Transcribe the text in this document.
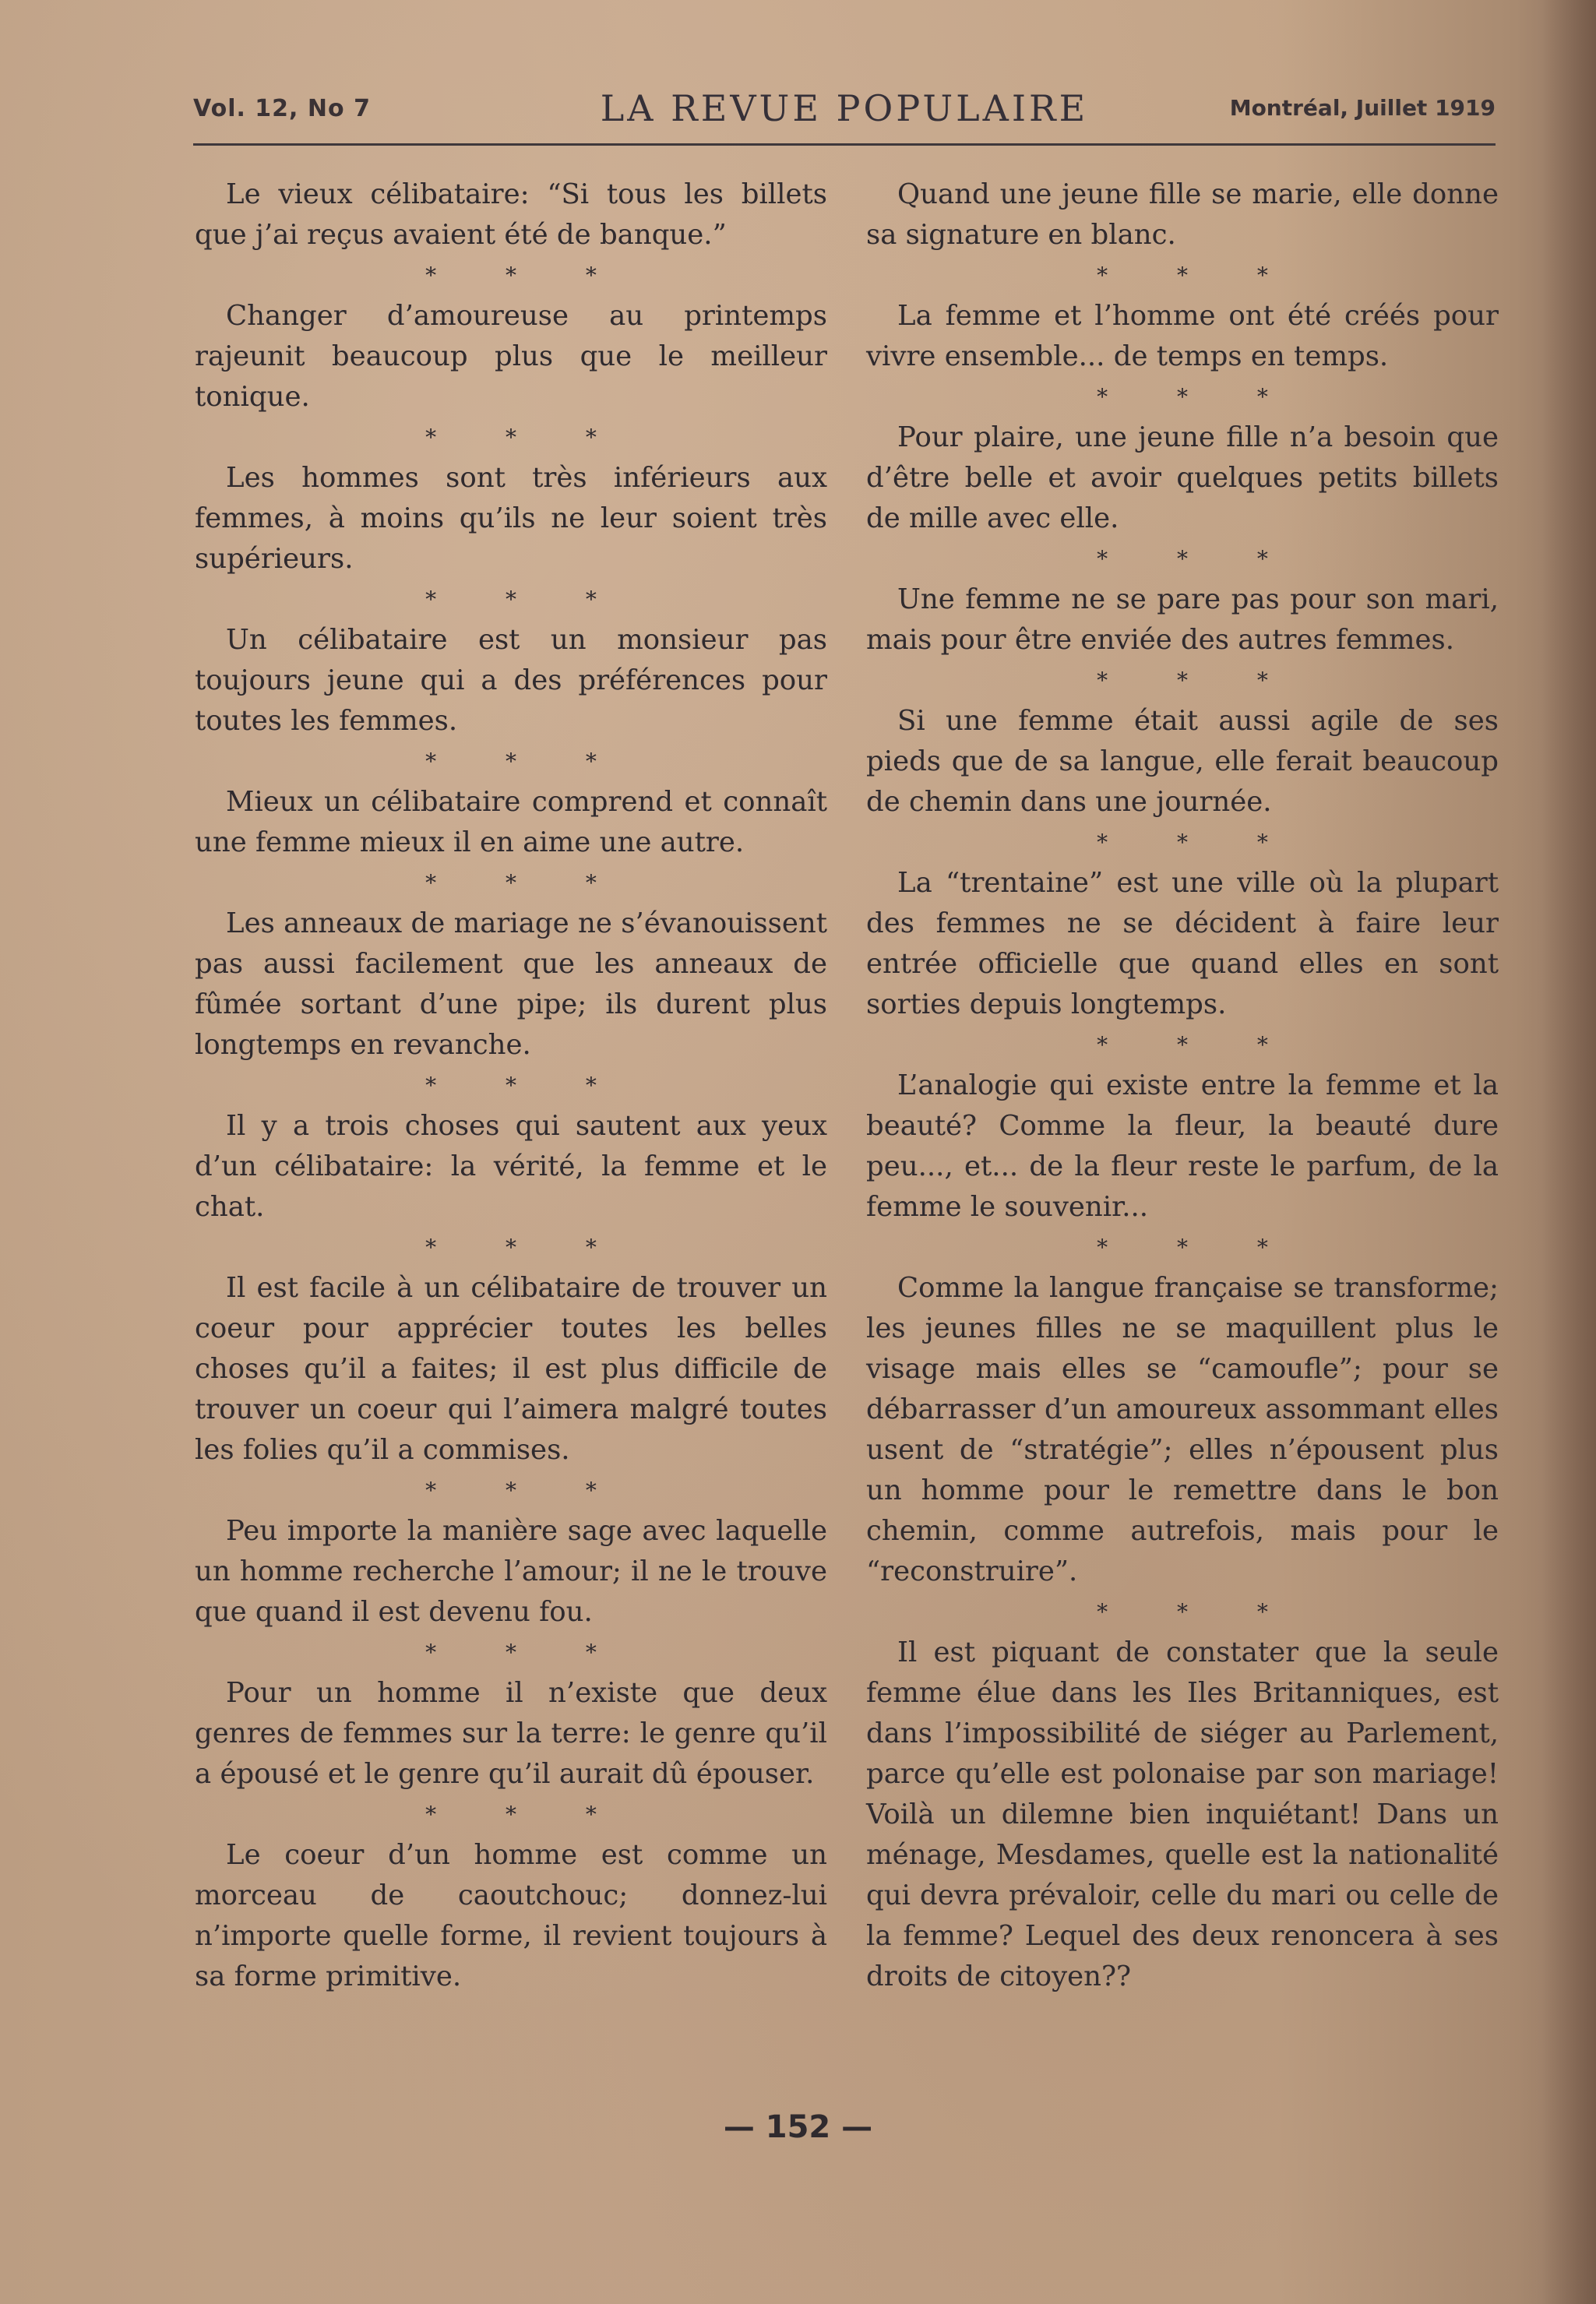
Vol. 12, No 7	LA REVUE POPULAIRE	Montréal, Juillet 1919

Le vieux célibataire: “Si tous les billets que j’ai reçus avaient été de banque.”

* * *

Changer d’amoureuse au printemps rajeunit beaucoup plus que le meilleur tonique.

* * *

Les hommes sont très inférieurs aux femmes, à moins qu’ils ne leur soient très supérieurs.

* * *

Un célibataire est un monsieur pas toujours jeune qui a des préférences pour toutes les femmes.

* * *

Mieux un célibataire comprend et connaît une femme mieux il en aime une autre.

* * *

Les anneaux de mariage ne s’évanouissent pas aussi facilement que les anneaux de fûmée sortant d’une pipe; ils durent plus longtemps en revanche.

* * *

Il y a trois choses qui sautent aux yeux d’un célibataire: la vérité, la femme et le chat.

* * *

Il est facile à un célibataire de trouver un coeur pour apprécier toutes les belles choses qu’il a faites; il est plus difficile de trouver un coeur qui l’aimera malgré toutes les folies qu’il a commises.

* * *

Peu importe la manière sage avec laquelle un homme recherche l’amour; il ne le trouve que quand il est devenu fou.

* * *

Pour un homme il n’existe que deux genres de femmes sur la terre: le genre qu’il a épousé et le genre qu’il aurait dû épouser.

* * *

Le coeur d’un homme est comme un morceau de caoutchouc; donnez-lui n’importe quelle forme, il revient toujours à sa forme primitive.

Quand une jeune fille se marie, elle donne sa signature en blanc.

* * *

La femme et l’homme ont été créés pour vivre ensemble... de temps en temps.

* * *

Pour plaire, une jeune fille n’a besoin que d’être belle et avoir quelques petits billets de mille avec elle.

* * *

Une femme ne se pare pas pour son mari, mais pour être enviée des autres femmes.

* * *

Si une femme était aussi agile de ses pieds que de sa langue, elle ferait beaucoup de chemin dans une journée.

* * *

La “trentaine” est une ville où la plupart des femmes ne se décident à faire leur entrée officielle que quand elles en sont sorties depuis longtemps.

* * *

L’analogie qui existe entre la femme et la beauté? Comme la fleur, la beauté dure peu..., et... de la fleur reste le parfum, de la femme le souvenir...

* * *

Comme la langue française se transforme; les jeunes filles ne se maquillent plus le visage mais elles se “camoufle”; pour se débarrasser d’un amoureux assommant elles usent de “stratégie”; elles n’épousent plus un homme pour le remettre dans le bon chemin, comme autrefois, mais pour le “reconstruire”.

* * *

Il est piquant de constater que la seule femme élue dans les Iles Britanniques, est dans l’impossibilité de siéger au Parlement, parce qu’elle est polonaise par son mariage! Voilà un dilemne bien inquiétant! Dans un ménage, Mesdames, quelle est la nationalité qui devra prévaloir, celle du mari ou celle de la femme? Lequel des deux renoncera à ses droits de citoyen??

— 152 —
